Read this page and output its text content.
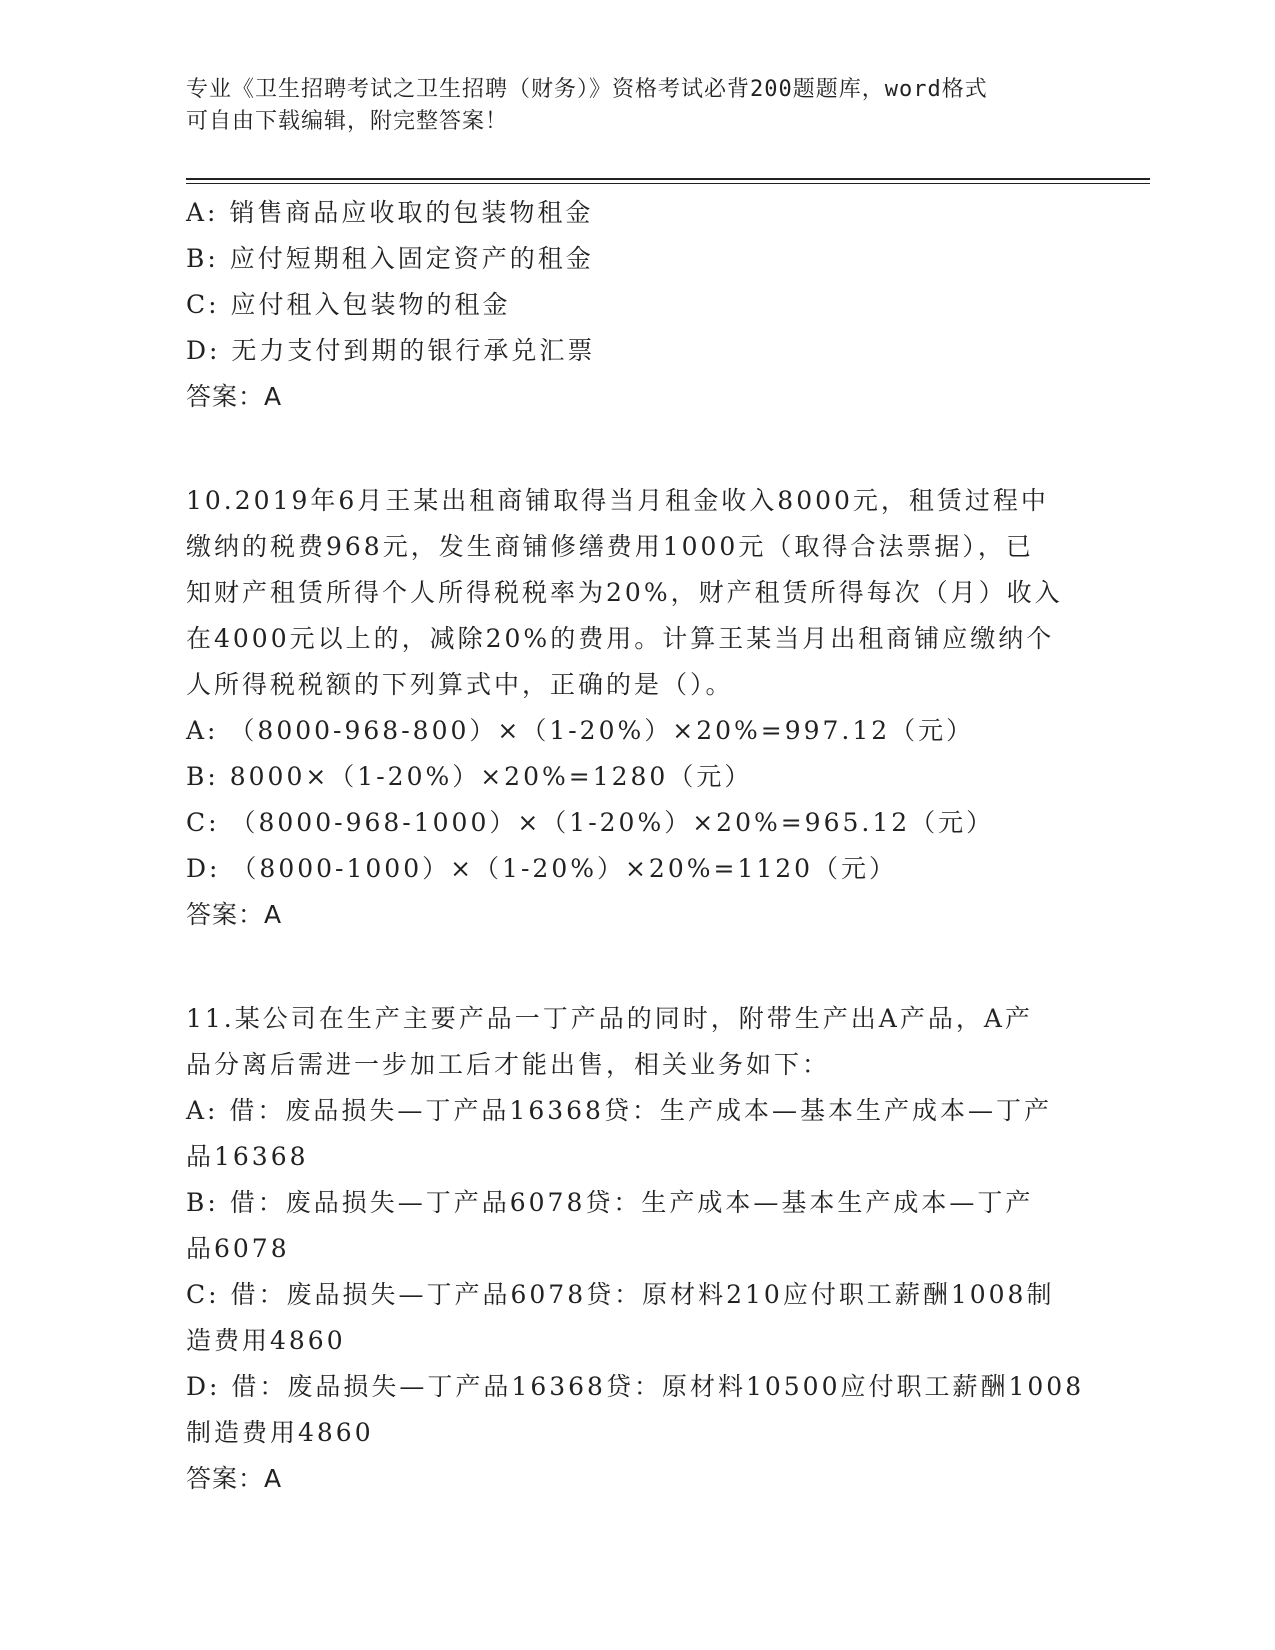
专业《卫生招聘考试之卫生招聘（财务）》资格考试必背200题题库，word格式
可自由下载编辑，附完整答案！
A: 销售商品应收取的包装物租金
B: 应付短期租入固定资产的租金
C: 应付租入包装物的租金
D: 无力支付到期的银行承兑汇票
答案：A
10.2019年6月王某出租商铺取得当月租金收入8000元，租赁过程中
缴纳的税费968元，发生商铺修缮费用1000元（取得合法票据），已
知财产租赁所得个人所得税税率为20%，财产租赁所得每次（月）收入
在4000元以上的，减除20%的费用。计算王某当月出租商铺应缴纳个
人所得税税额的下列算式中，正确的是（）。
A: （8000-968-800）×（1-20%）×20%=997.12（元）
B: 8000×（1-20%）×20%=1280（元）
C: （8000-968-1000）×（1-20%）×20%=965.12（元）
D: （8000-1000）×（1-20%）×20%=1120（元）
答案：A
11.某公司在生产主要产品一丁产品的同时，附带生产出A产品，A产
品分离后需进一步加工后才能出售，相关业务如下：
A: 借：废品损失—丁产品16368贷：生产成本—基本生产成本—丁产
品16368
B: 借：废品损失—丁产品6078贷：生产成本—基本生产成本—丁产
品6078
C: 借：废品损失—丁产品6078贷：原材料210应付职工薪酬1008制
造费用4860
D: 借：废品损失—丁产品16368贷：原材料10500应付职工薪酬1008
制造费用4860
答案：A
